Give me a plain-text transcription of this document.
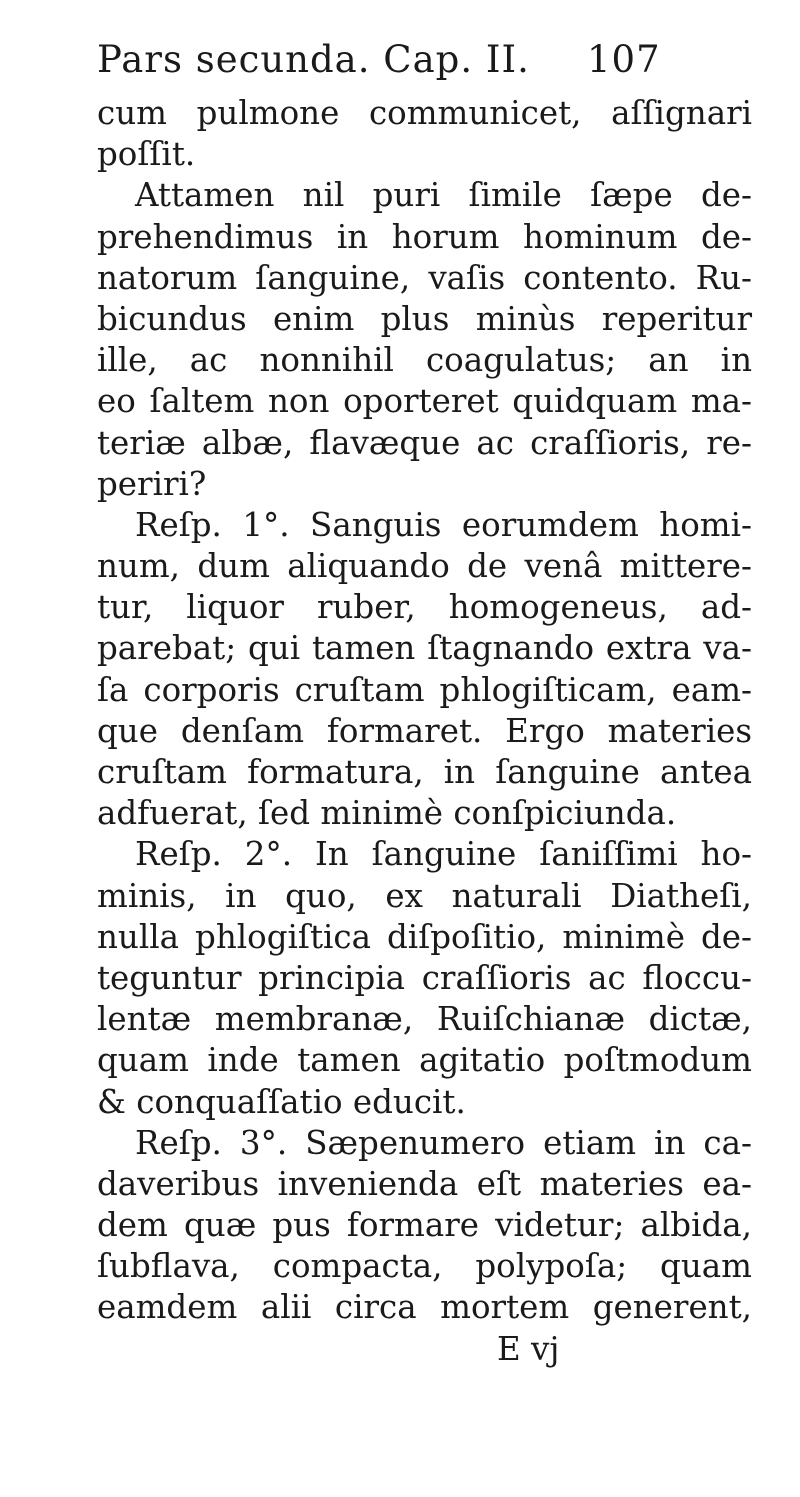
Pars secunda. Cap. II. 107
cum pulmone communicet, aſſignari
poſſit.
Attamen nil puri ſimile ſæpe de-
prehendimus in horum hominum de-
natorum ſanguine, vaſis contento. Ru-
bicundus enim plus minùs reperitur
ille, ac nonnihil coagulatus; an in
eo ſaltem non oporteret quidquam ma-
teriæ albæ, flavæque ac craſſioris, re-
periri?
Reſp. 1°. Sanguis eorumdem homi-
num, dum aliquando de venâ mittere-
tur, liquor ruber, homogeneus, ad-
parebat; qui tamen ſtagnando extra va-
ſa corporis cruſtam phlogiſticam, eam-
que denſam formaret. Ergo materies
cruſtam formatura, in ſanguine antea
adfuerat, ſed minimè conſpiciunda.
Reſp. 2°. In ſanguine ſaniſſimi ho-
minis, in quo, ex naturali Diatheſi,
nulla phlogiſtica diſpoſitio, minimè de-
teguntur principia craſſioris ac floccu-
lentæ membranæ, Ruiſchianæ dictæ,
quam inde tamen agitatio poſtmodum
& conquaſſatio educit.
Reſp. 3°. Sæpenumero etiam in ca-
daveribus invenienda eſt materies ea-
dem quæ pus formare videtur; albida,
ſubflava, compacta, polypoſa; quam
eamdem alii circa mortem generent,
E vj
